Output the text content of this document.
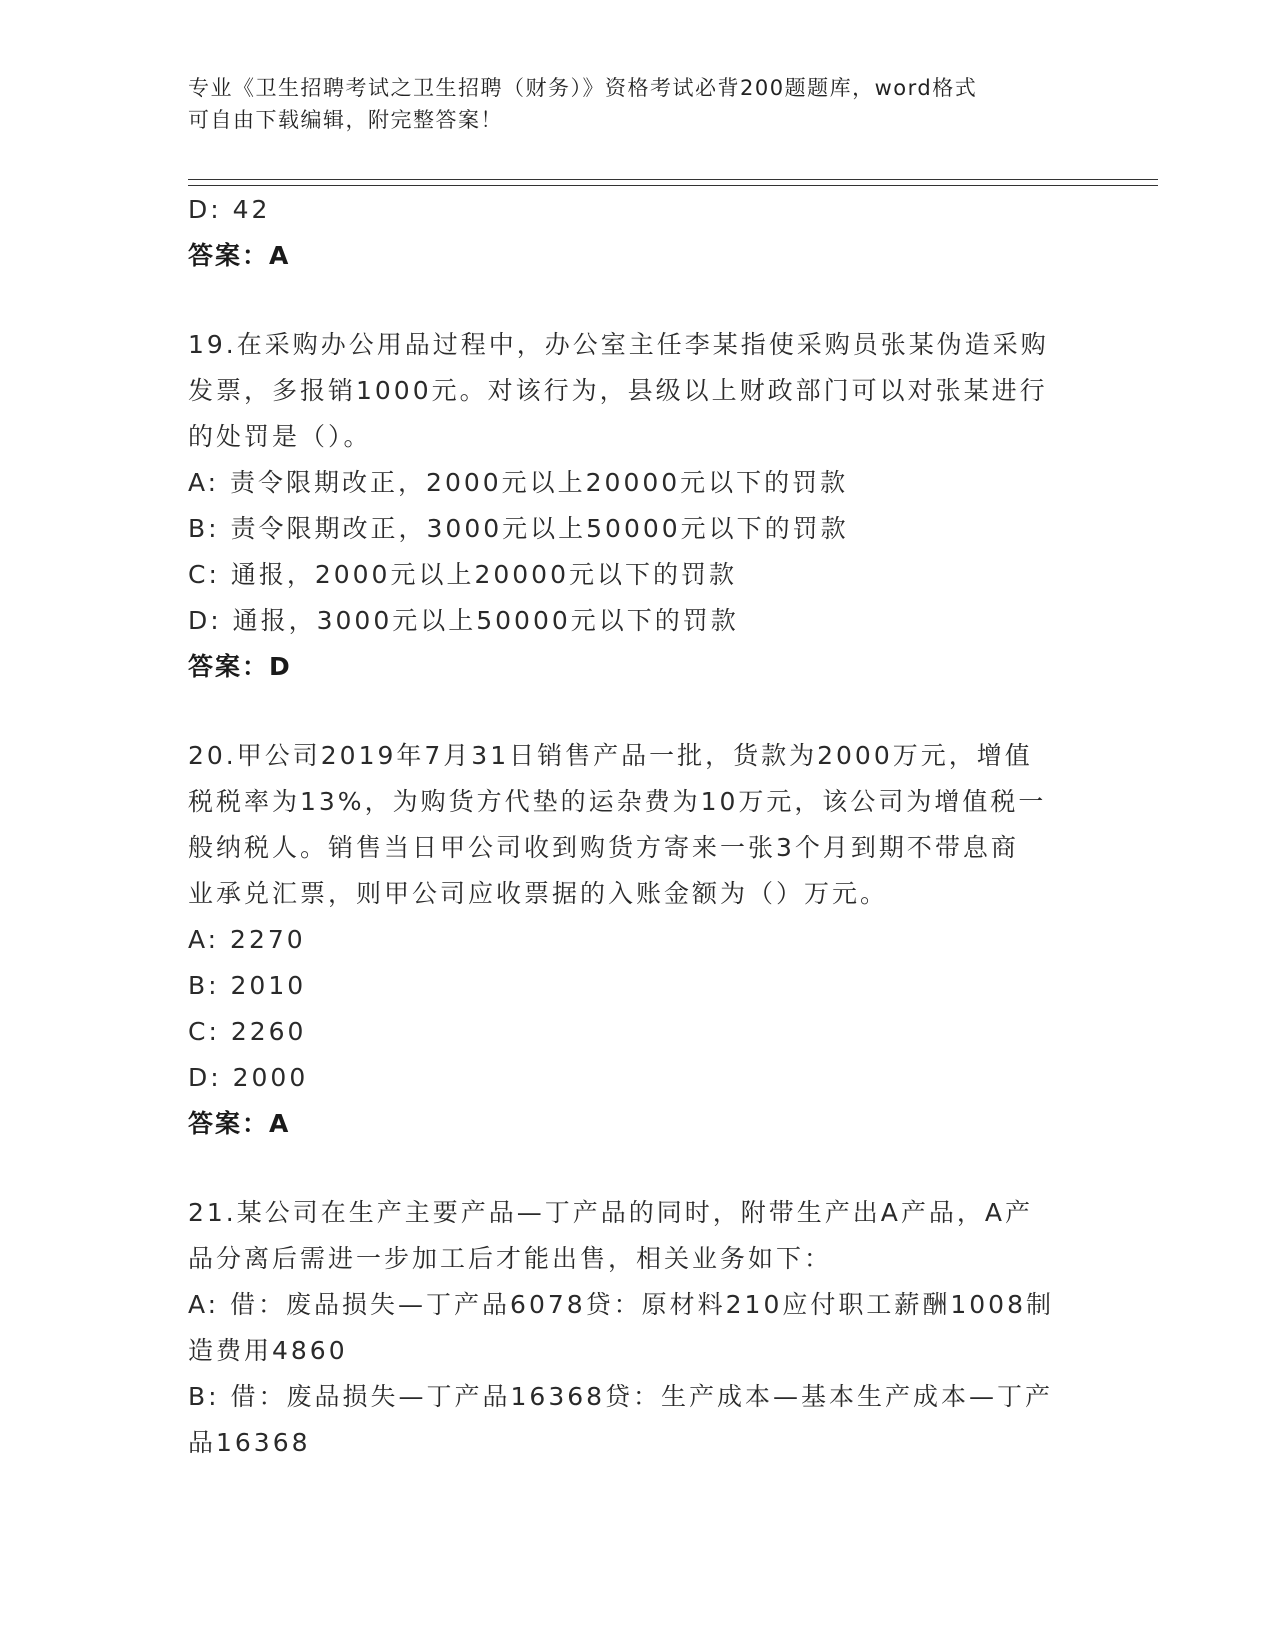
专业《卫生招聘考试之卫生招聘（财务）》资格考试必背200题题库，word格式
可自由下载编辑，附完整答案！
D: 42
答案：A
19.在采购办公用品过程中，办公室主任李某指使采购员张某伪造采购
发票，多报销1000元。对该行为，县级以上财政部门可以对张某进行
的处罚是（）。
A: 责令限期改正，2000元以上20000元以下的罚款
B: 责令限期改正，3000元以上50000元以下的罚款
C: 通报，2000元以上20000元以下的罚款
D: 通报，3000元以上50000元以下的罚款
答案：D
20.甲公司2019年7月31日销售产品一批，货款为2000万元，增值
税税率为13%，为购货方代垫的运杂费为10万元，该公司为增值税一
般纳税人。销售当日甲公司收到购货方寄来一张3个月到期不带息商
业承兑汇票，则甲公司应收票据的入账金额为（）万元。
A: 2270
B: 2010
C: 2260
D: 2000
答案：A
21.某公司在生产主要产品—丁产品的同时，附带生产出A产品，A产
品分离后需进一步加工后才能出售，相关业务如下：
A: 借：废品损失—丁产品6078贷：原材料210应付职工薪酬1008制
造费用4860
B: 借：废品损失—丁产品16368贷：生产成本—基本生产成本—丁产
品16368
